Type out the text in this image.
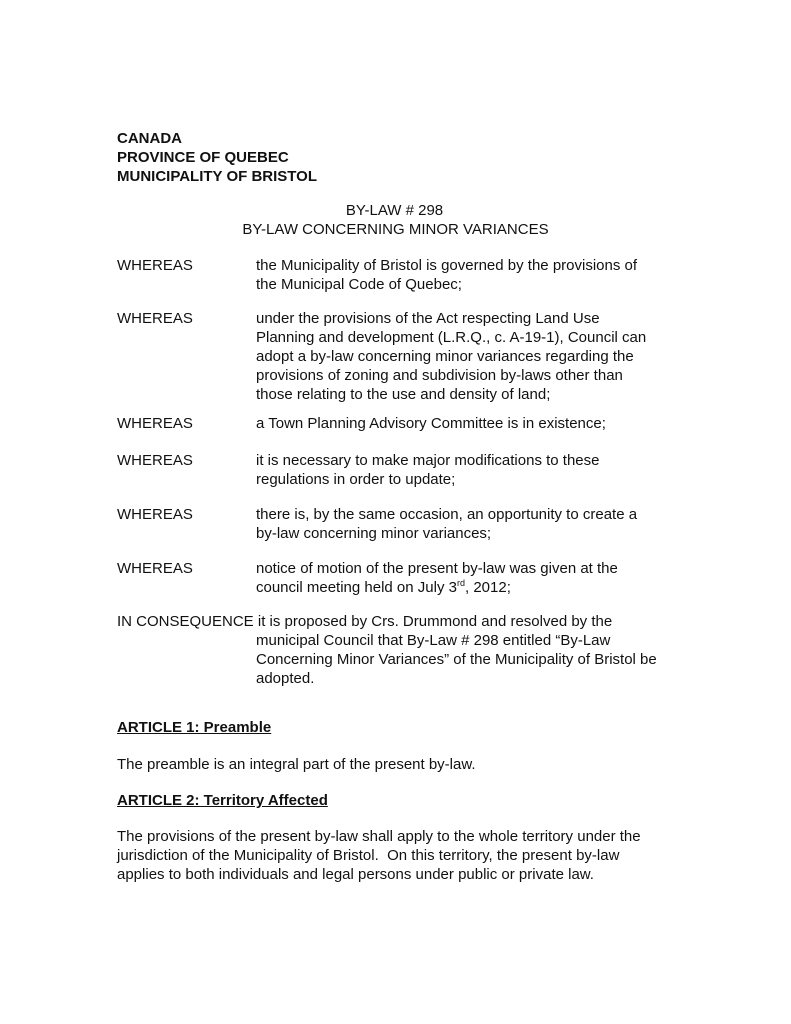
CANADA
PROVINCE OF QUEBEC
MUNICIPALITY OF BRISTOL
BY-LAW # 298
BY-LAW CONCERNING MINOR VARIANCES
WHEREAS	the Municipality of Bristol is governed by the provisions of
the Municipal Code of Quebec;
WHEREAS	under the provisions of the Act respecting Land Use
Planning and development (L.R.Q., c. A-19-1), Council can
adopt a by-law concerning minor variances regarding the
provisions of zoning and subdivision by-laws other than
those relating to the use and density of land;
WHEREAS	a Town Planning Advisory Committee is in existence;
WHEREAS	it is necessary to make major modifications to these
regulations in order to update;
WHEREAS	there is, by the same occasion, an opportunity to create a
by-law concerning minor variances;
WHEREAS	notice of motion of the present by-law was given at the
council meeting held on July 3rd, 2012;
IN CONSEQUENCE it is proposed by Crs. Drummond and resolved by the
municipal Council that By-Law # 298 entitled “By-Law
Concerning Minor Variances” of the Municipality of Bristol be
adopted.
ARTICLE 1: Preamble
The preamble is an integral part of the present by-law.
ARTICLE 2: Territory Affected
The provisions of the present by-law shall apply to the whole territory under the
jurisdiction of the Municipality of Bristol.  On this territory, the present by-law
applies to both individuals and legal persons under public or private law.
